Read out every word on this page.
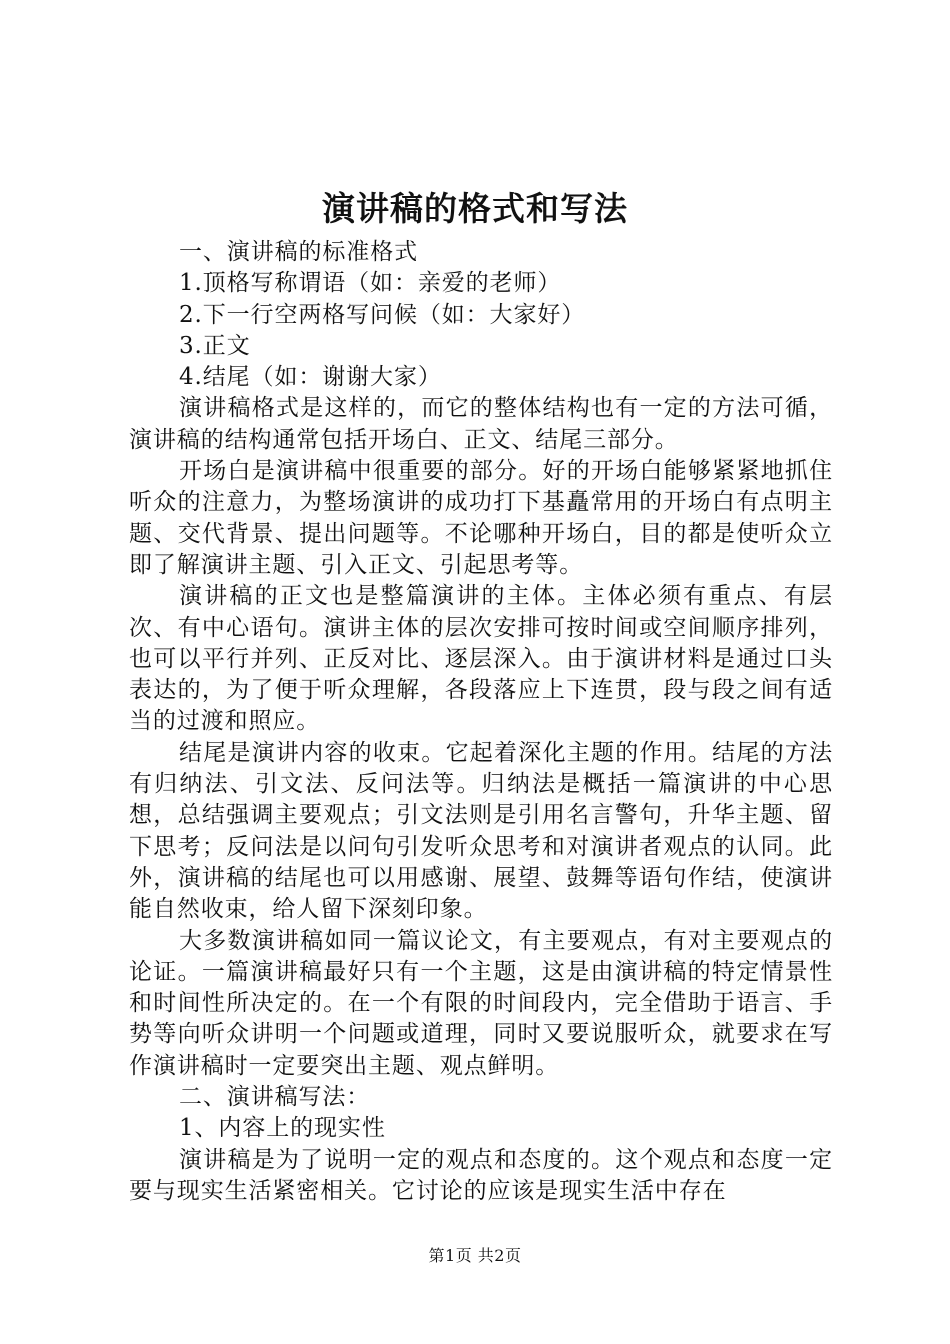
演讲稿的格式和写法

一、演讲稿的标准格式

1.顶格写称谓语（如：亲爱的老师）

2.下一行空两格写问候（如：大家好）

3.正文

4.结尾（如：谢谢大家）

演讲稿格式是这样的，而它的整体结构也有一定的方法可循，演讲稿的结构通常包括开场白、正文、结尾三部分。

开场白是演讲稿中很重要的部分。好的开场白能够紧紧地抓住听众的注意力，为整场演讲的成功打下基矗常用的开场白有点明主题、交代背景、提出问题等。不论哪种开场白，目的都是使听众立即了解演讲主题、引入正文、引起思考等。

演讲稿的正文也是整篇演讲的主体。主体必须有重点、有层次、有中心语句。演讲主体的层次安排可按时间或空间顺序排列，也可以平行并列、正反对比、逐层深入。由于演讲材料是通过口头表达的，为了便于听众理解，各段落应上下连贯，段与段之间有适当的过渡和照应。

结尾是演讲内容的收束。它起着深化主题的作用。结尾的方法有归纳法、引文法、反问法等。归纳法是概括一篇演讲的中心思想，总结强调主要观点；引文法则是引用名言警句，升华主题、留下思考；反问法是以问句引发听众思考和对演讲者观点的认同。此外，演讲稿的结尾也可以用感谢、展望、鼓舞等语句作结，使演讲能自然收束，给人留下深刻印象。

大多数演讲稿如同一篇议论文，有主要观点，有对主要观点的论证。一篇演讲稿最好只有一个主题，这是由演讲稿的特定情景性和时间性所决定的。在一个有限的时间段内，完全借助于语言、手势等向听众讲明一个问题或道理，同时又要说服听众，就要求在写作演讲稿时一定要突出主题、观点鲜明。

二、演讲稿写法：

1、内容上的现实性

演讲稿是为了说明一定的观点和态度的。这个观点和态度一定要与现实生活紧密相关。它讨论的应该是现实生活中存在

第1页 共2页
